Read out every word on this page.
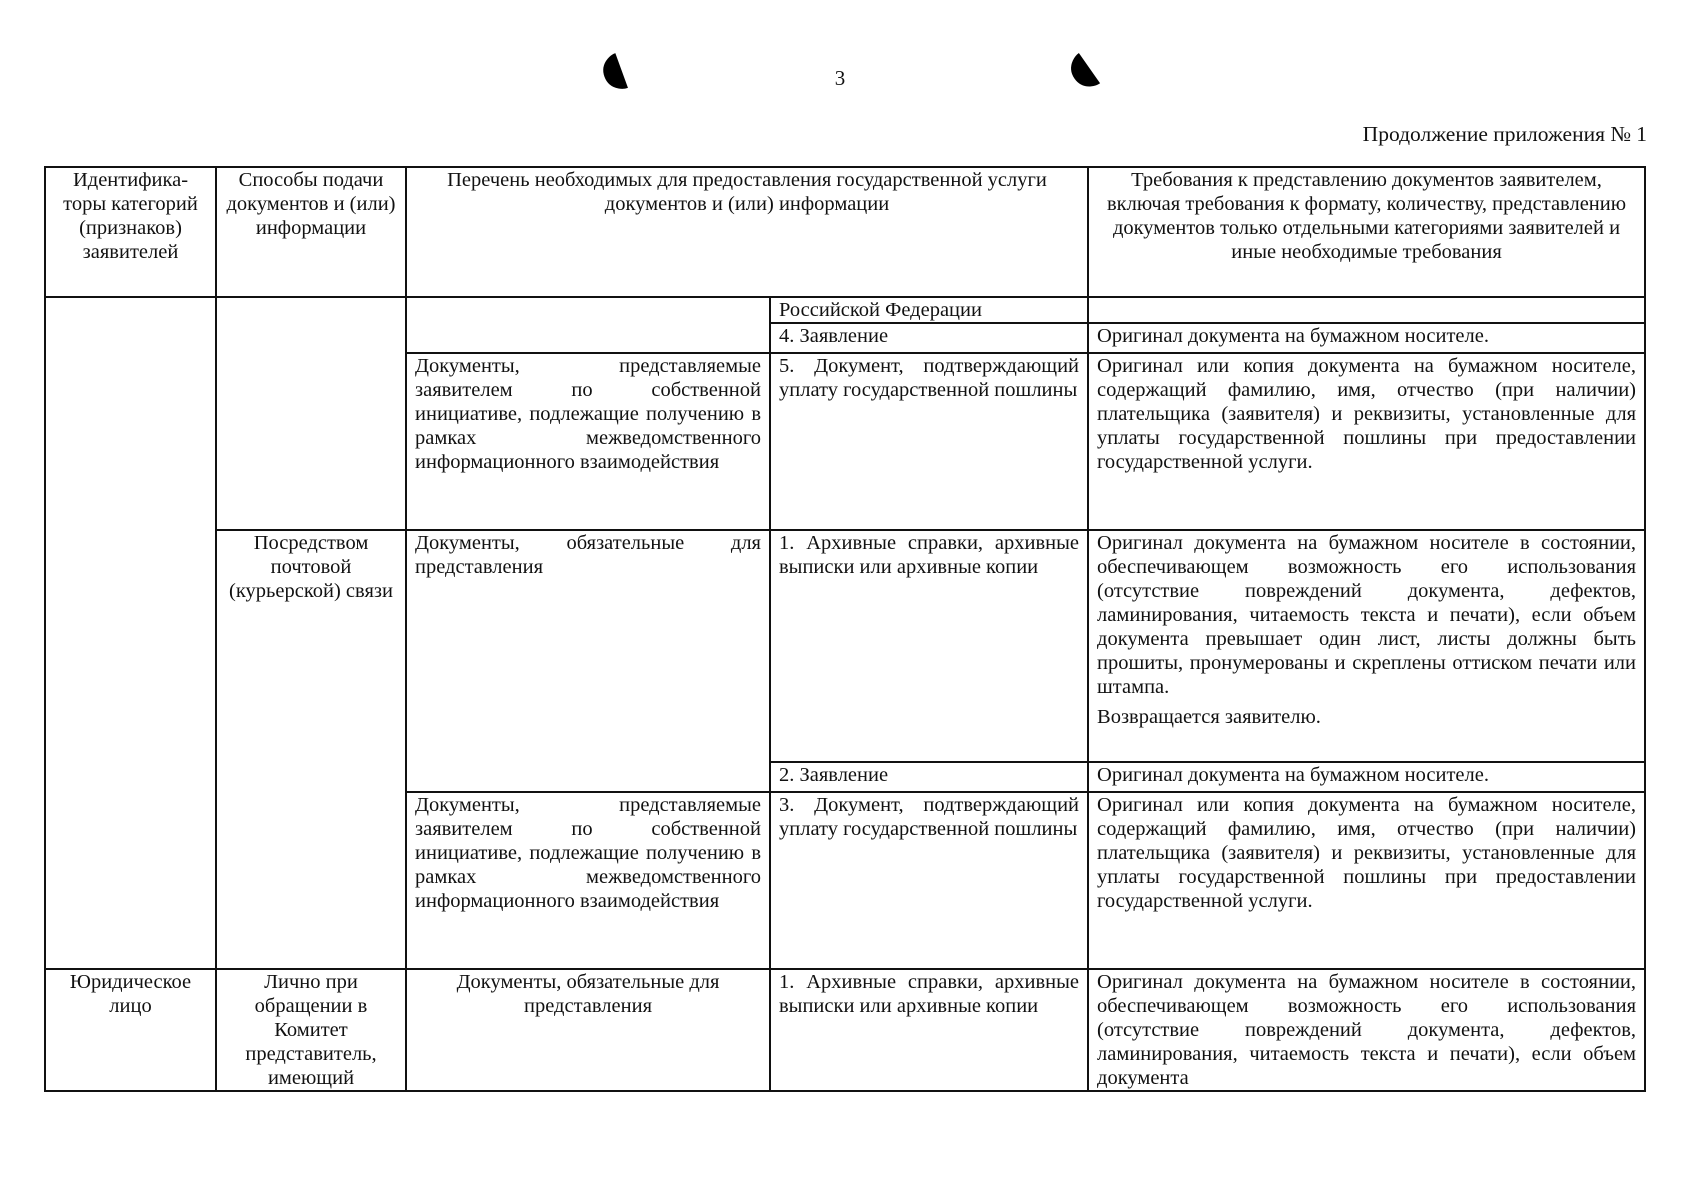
◖	◖
3
Продолжение приложения № 1
Идентифика-торы категорий (признаков) заявителей	Способы подачи документов и (или) информации	Перечень необходимых для предоставления государственной услуги документов и (или) информации		Требования к представлению документов заявителем, включая требования к формату, количеству, представлению документов только отдельными категориями заявителей и иные необходимые требования
			Российской Федерации	
			4. Заявление	Оригинал документа на бумажном носителе.
		Документы, представляемые заявителем по собственной инициативе, подлежащие получению в рамках межведомственного информационного взаимодействия	5. Документ, подтверждающий уплату государственной пошлины	Оригинал или копия документа на бумажном носителе, содержащий фамилию, имя, отчество (при наличии) плательщика (заявителя) и реквизиты, установленные для уплаты государственной пошлины при предоставлении государственной услуги.
	Посредством почтовой (курьерской) связи	Документы, обязательные для представления	1. Архивные справки, архивные выписки или архивные копии	Оригинал документа на бумажном носителе в состоянии, обеспечивающем возможность его использования (отсутствие повреждений документа, дефектов, ламинирования, читаемость текста и печати), если объем документа превышает один лист, листы должны быть прошиты, пронумерованы и скреплены оттиском печати или штампа.
Возвращается заявителю.

			2. Заявление	Оригинал документа на бумажном носителе.
		Документы, представляемые заявителем по собственной инициативе, подлежащие получению в рамках межведомственного информационного взаимодействия	3. Документ, подтверждающий уплату государственной пошлины	Оригинал или копия документа на бумажном носителе, содержащий фамилию, имя, отчество (при наличии) плательщика (заявителя) и реквизиты, установленные для уплаты государственной пошлины при предоставлении государственной услуги.
Юридическое лицо	Лично при обращении в Комитет представитель, имеющий	Документы, обязательные для представления	1. Архивные справки, архивные выписки или архивные копии	Оригинал документа на бумажном носителе в состоянии, обеспечивающем возможность его использования (отсутствие повреждений документа, дефектов, ламинирования, читаемость текста и печати), если объем документа
